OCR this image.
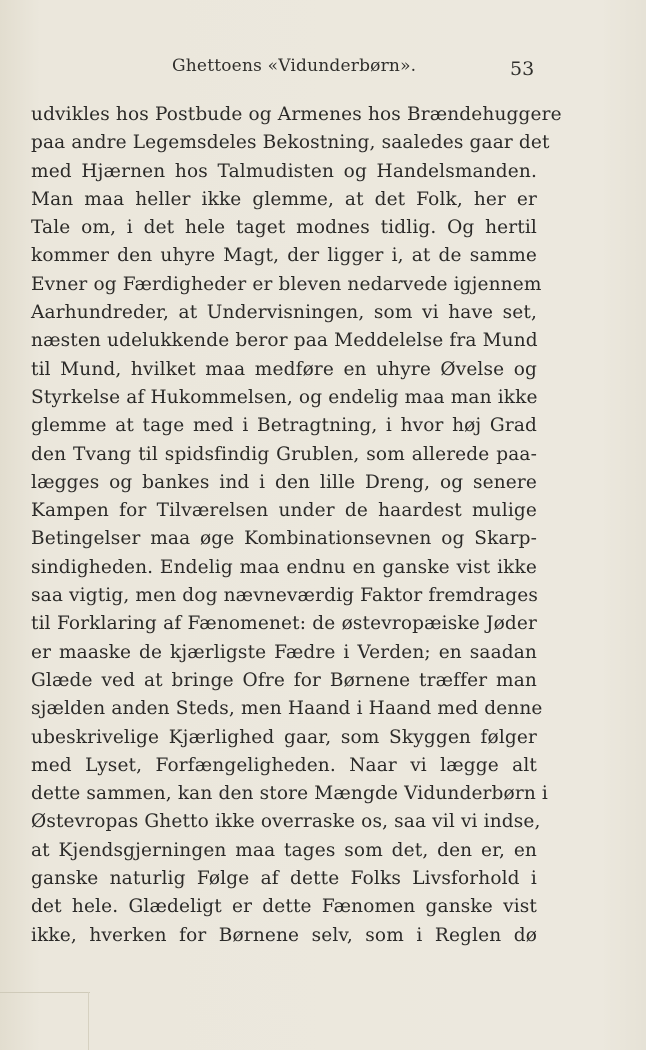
Ghettoens «Vidunderbørn».	53
udvikles hos Postbude og Armenes hos Brændehuggere
paa andre Legemsdeles Bekostning, saaledes gaar det
med Hjærnen hos Talmudisten og Handelsmanden.
Man maa heller ikke glemme, at det Folk, her er
Tale om, i det hele taget modnes tidlig. Og hertil
kommer den uhyre Magt, der ligger i, at de samme
Evner og Færdigheder er bleven nedarvede igjennem
Aarhundreder, at Undervisningen, som vi have set,
næsten udelukkende beror paa Meddelelse fra Mund
til Mund, hvilket maa medføre en uhyre Øvelse og
Styrkelse af Hukommelsen, og endelig maa man ikke
glemme at tage med i Betragtning, i hvor høj Grad
den Tvang til spidsfindig Grublen, som allerede paa-
lægges og bankes ind i den lille Dreng, og senere
Kampen for Tilværelsen under de haardest mulige
Betingelser maa øge Kombinationsevnen og Skarp-
sindigheden. Endelig maa endnu en ganske vist ikke
saa vigtig, men dog nævneværdig Faktor fremdrages
til Forklaring af Fænomenet: de østevropæiske Jøder
er maaske de kjærligste Fædre i Verden; en saadan
Glæde ved at bringe Ofre for Børnene træffer man
sjælden anden Steds, men Haand i Haand med denne
ubeskrivelige Kjærlighed gaar, som Skyggen følger
med Lyset, Forfængeligheden. Naar vi lægge alt
dette sammen, kan den store Mængde Vidunderbørn i
Østevropas Ghetto ikke overraske os, saa vil vi indse,
at Kjendsgjerningen maa tages som det, den er, en
ganske naturlig Følge af dette Folks Livsforhold i
det hele. Glædeligt er dette Fænomen ganske vist
ikke, hverken for Børnene selv, som i Reglen dø
